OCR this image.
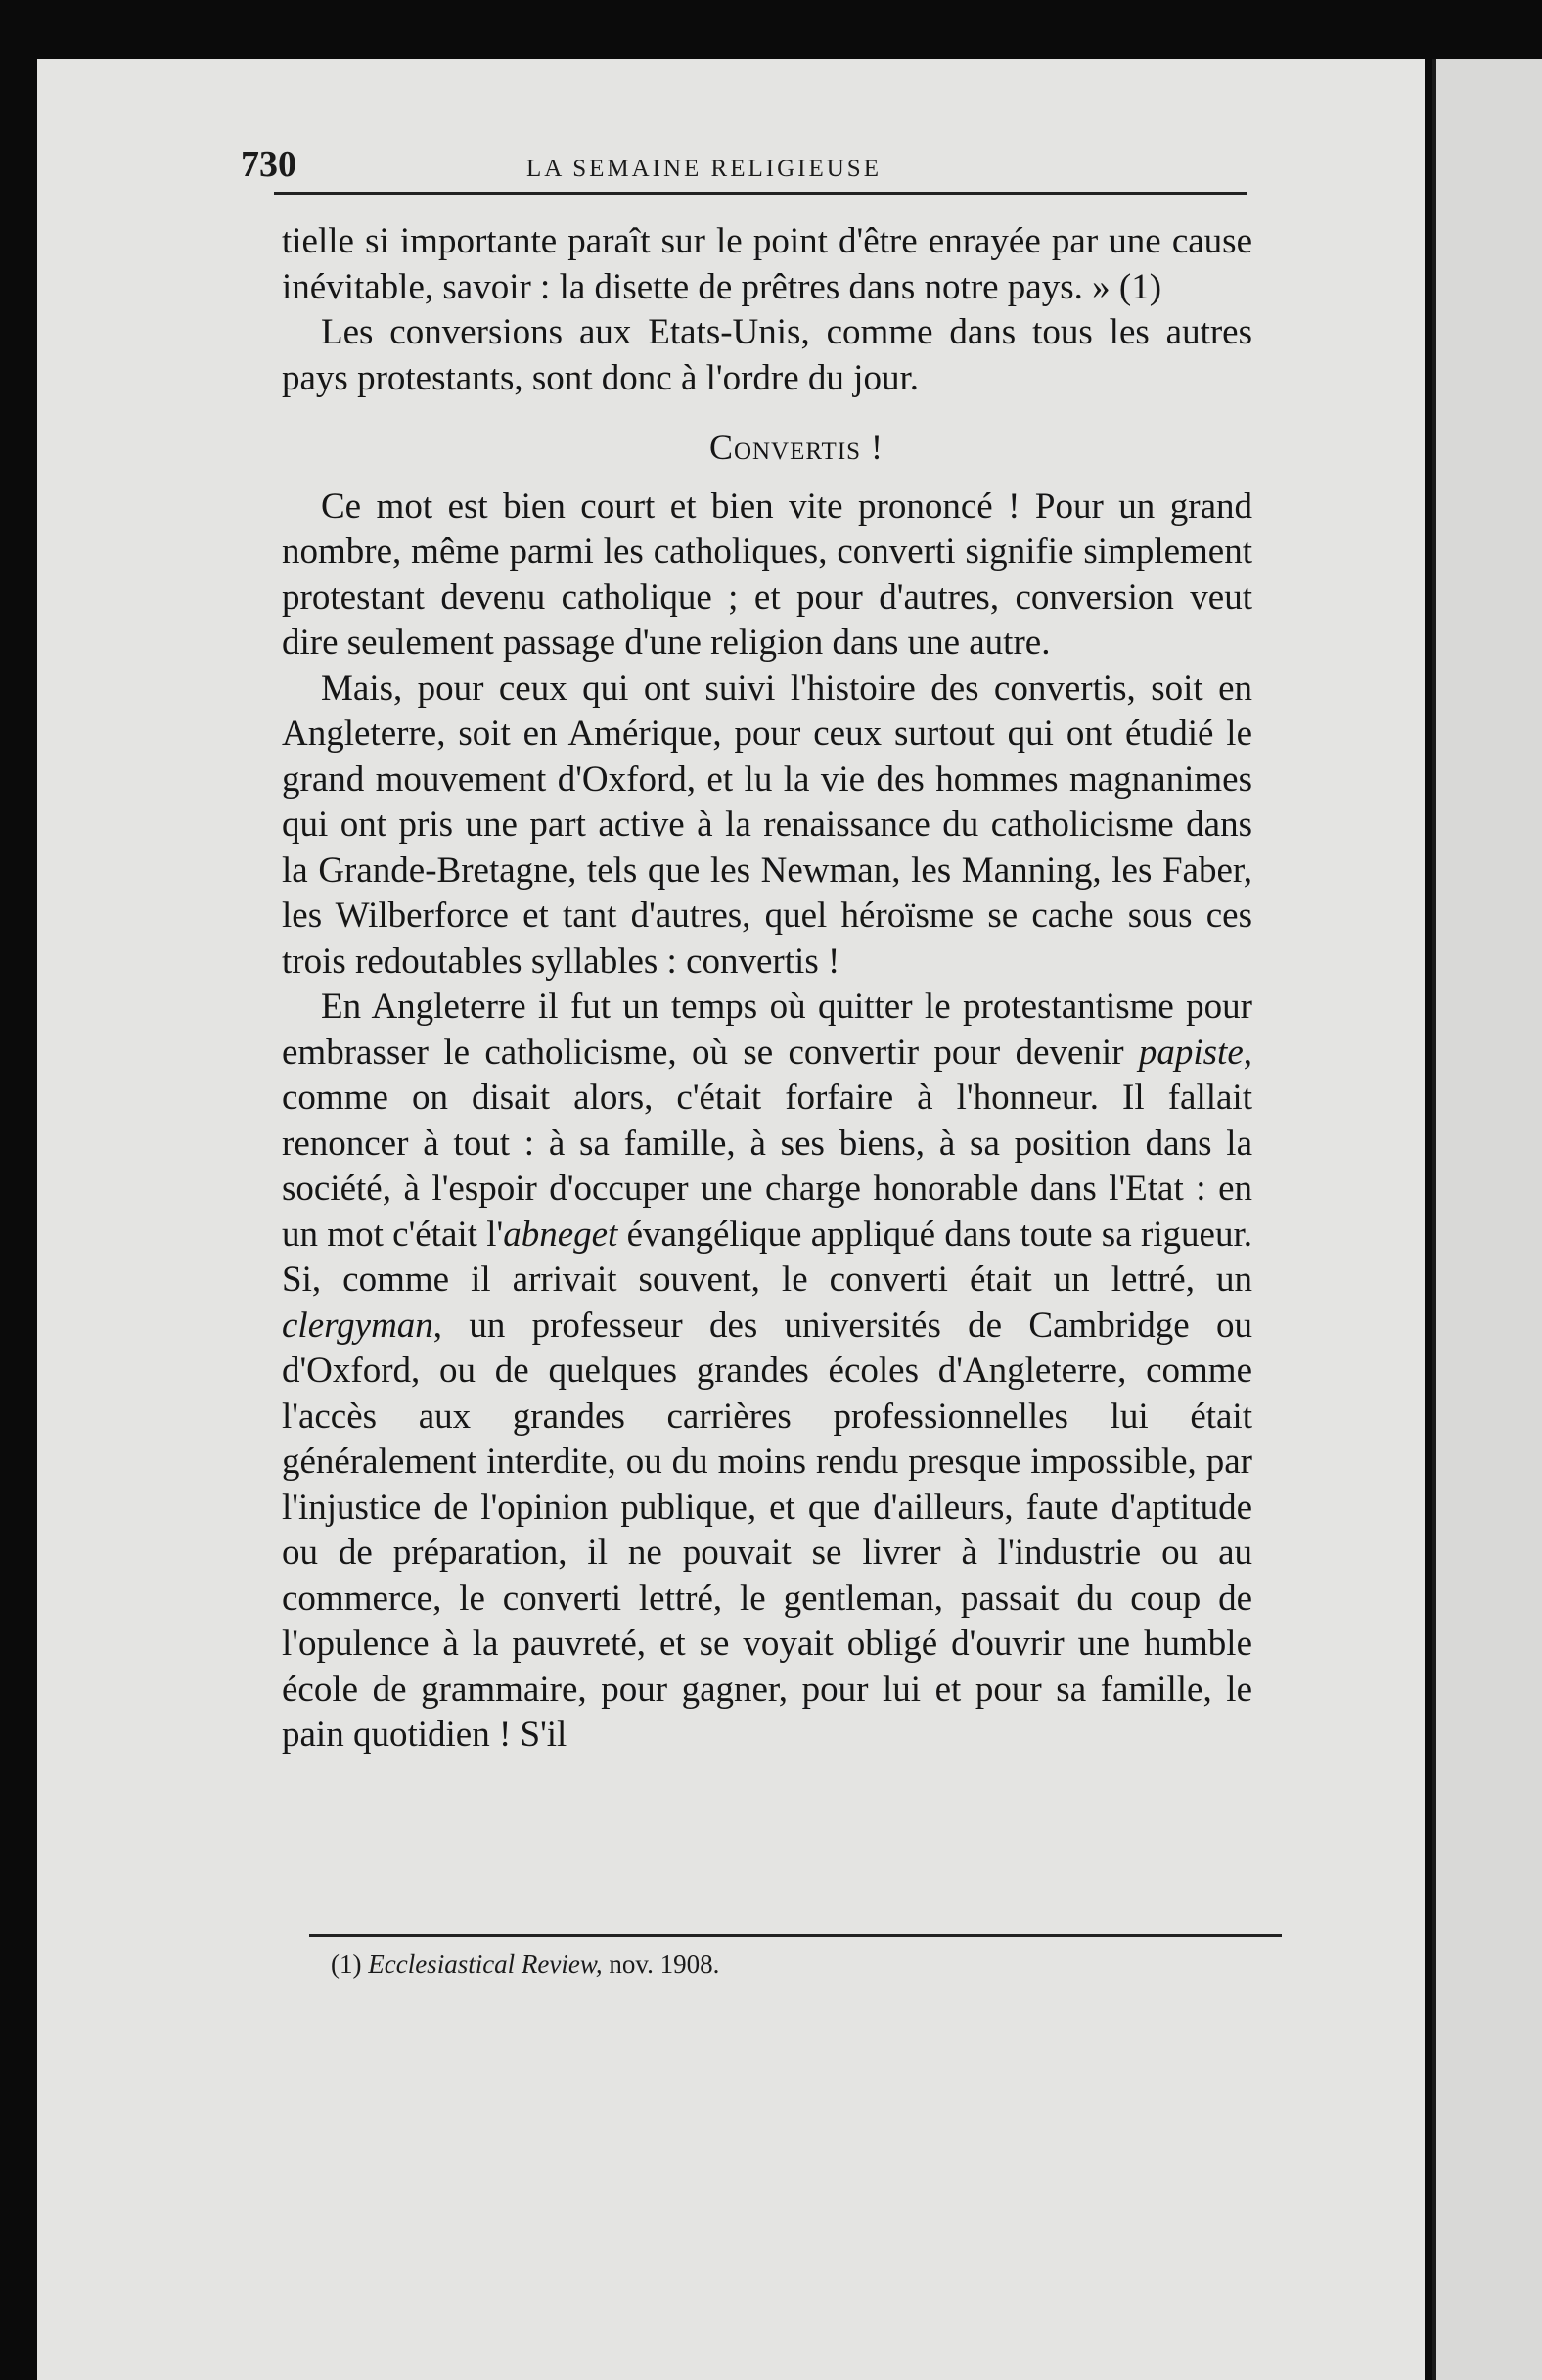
730	LA SEMAINE RELIGIEUSE

tielle si importante paraît sur le point d'être enrayée par une cause inévitable, savoir : la disette de prêtres dans notre pays. » (1)

Les conversions aux Etats-Unis, comme dans tous les autres pays protestants, sont donc à l'ordre du jour.

Convertis !

Ce mot est bien court et bien vite prononcé ! Pour un grand nombre, même parmi les catholiques, converti signifie simplement protestant devenu catholique ; et pour d'autres, conversion veut dire seulement passage d'une religion dans une autre.

Mais, pour ceux qui ont suivi l'histoire des convertis, soit en Angleterre, soit en Amérique, pour ceux surtout qui ont étudié le grand mouvement d'Oxford, et lu la vie des hommes magnanimes qui ont pris une part active à la renaissance du catholicisme dans la Grande-Bretagne, tels que les Newman, les Manning, les Faber, les Wilberforce et tant d'autres, quel héroïsme se cache sous ces trois redoutables syllables : convertis !

En Angleterre il fut un temps où quitter le protestantisme pour embrasser le catholicisme, où se convertir pour devenir papiste, comme on disait alors, c'était forfaire à l'honneur. Il fallait renoncer à tout : à sa famille, à ses biens, à sa position dans la société, à l'espoir d'occuper une charge honorable dans l'Etat : en un mot c'était l'abneget évangélique appliqué dans toute sa rigueur. Si, comme il arrivait souvent, le converti était un lettré, un clergyman, un professeur des universités de Cambridge ou d'Oxford, ou de quelques grandes écoles d'Angleterre, comme l'accès aux grandes carrières professionnelles lui était généralement interdite, ou du moins rendu presque impossible, par l'injustice de l'opinion publique, et que d'ailleurs, faute d'aptitude ou de préparation, il ne pouvait se livrer à l'industrie ou au commerce, le converti lettré, le gentleman, passait du coup de l'opulence à la pauvreté, et se voyait obligé d'ouvrir une humble école de grammaire, pour gagner, pour lui et pour sa famille, le pain quotidien ! S'il

(1) Ecclesiastical Review, nov. 1908.
